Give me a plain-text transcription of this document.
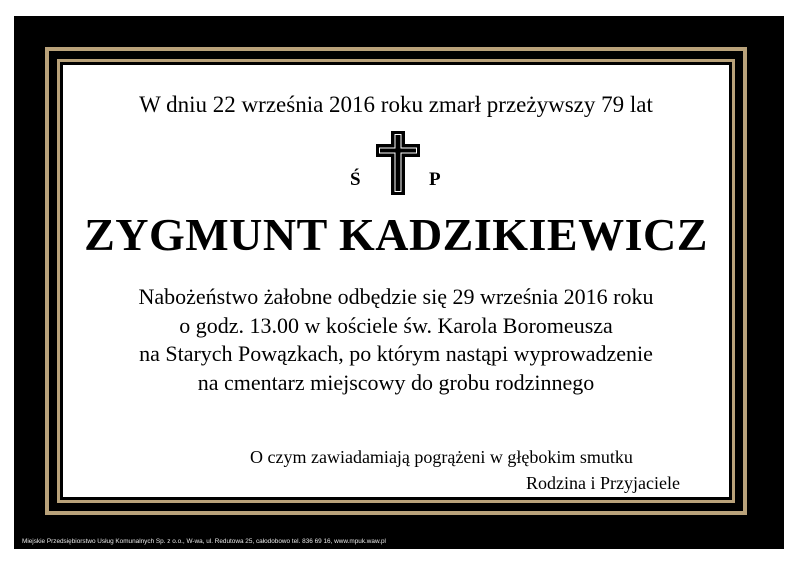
W dniu 22 września 2016 roku zmarł przeżywszy 79 lat
Ś	P
ZYGMUNT KADZIKIEWICZ
Nabożeństwo żałobne odbędzie się 29 września 2016 roku
o godz. 13.00 w kościele św. Karola Boromeusza
na Starych Powązkach, po którym nastąpi wyprowadzenie
na cmentarz miejscowy do grobu rodzinnego
O czym zawiadamiają pogrążeni w głębokim smutku
Rodzina i Przyjaciele
Miejskie Przedsiębiorstwo Usług Komunalnych Sp. z o.o., W-wa, ul. Redutowa 25, całodobowo tel. 836 69 16, www.mpuk.waw.pl
